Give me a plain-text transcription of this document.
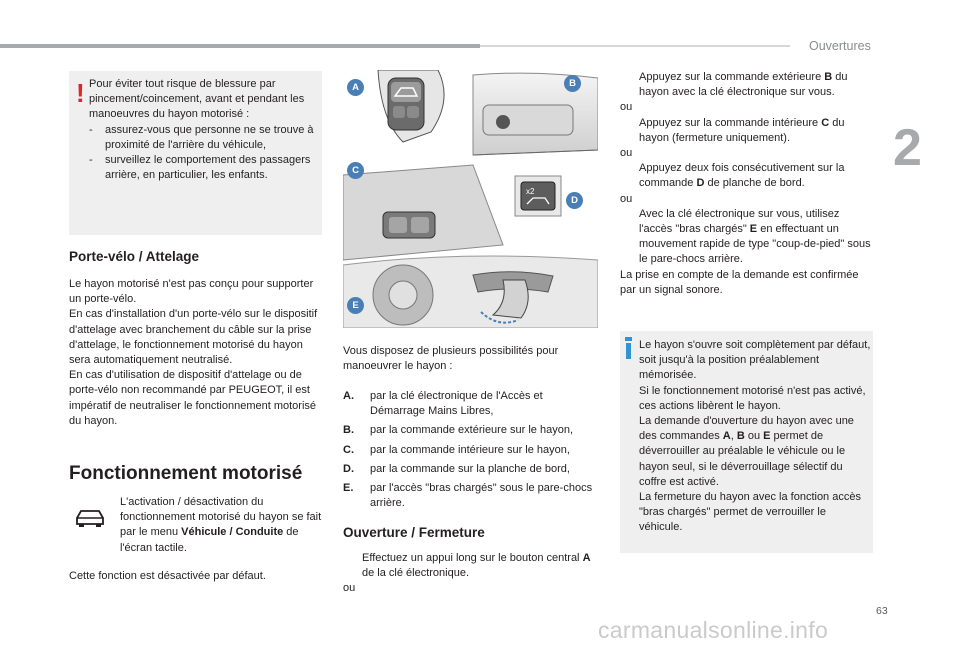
Ouvertures
2
! Pour éviter tout risque de blessure par pincement/coincement, avant et pendant les manoeuvres du hayon motorisé :
- assurez-vous que personne ne se trouve à proximité de l'arrière du véhicule,
- surveillez le comportement des passagers arrière, en particulier, les enfants.
Porte-vélo / Attelage
Le hayon motorisé n'est pas conçu pour supporter un porte-vélo.
En cas d'installation d'un porte-vélo sur le dispositif d'attelage avec branchement du câble sur la prise d'attelage, le fonctionnement motorisé du hayon sera automatiquement neutralisé.
En cas d'utilisation de dispositif d'attelage ou de porte-vélo non recommandé par PEUGEOT, il est impératif de neutraliser le fonctionnement motorisé du hayon.
Fonctionnement motorisé
L'activation / désactivation du fonctionnement motorisé du hayon se fait par le menu Véhicule / Conduite de l'écran tactile.
Cette fonction est désactivée par défaut.
x2
A	B
C
D
E
Vous disposez de plusieurs possibilités pour manoeuvrer le hayon :
A. par la clé électronique de l'Accès et Démarrage Mains Libres,
B. par la commande extérieure sur le hayon,
C. par la commande intérieure sur le hayon,
D. par la commande sur la planche de bord,
E. par l'accès "bras chargés" sous le pare-chocs arrière.
Ouverture / Fermeture
Effectuez un appui long sur le bouton central A de la clé électronique.
ou
Appuyez sur la commande extérieure B du hayon avec la clé électronique sur vous.
ou
Appuyez sur la commande intérieure C du hayon (fermeture uniquement).
ou
Appuyez deux fois consécutivement sur la commande D de planche de bord.
ou
Avec la clé électronique sur vous, utilisez l'accès "bras chargés" E en effectuant un mouvement rapide de type "coup-de-pied" sous le pare-chocs arrière.
La prise en compte de la demande est confirmée par un signal sonore.
Le hayon s'ouvre soit complètement par défaut, soit jusqu'à la position préalablement mémorisée.
Si le fonctionnement motorisé n'est pas activé, ces actions libèrent le hayon.
La demande d'ouverture du hayon avec une des commandes A, B ou E permet de déverrouiller au préalable le véhicule ou le hayon seul, si le déverrouillage sélectif du coffre est activé.
La fermeture du hayon avec la fonction accès "bras chargés" permet de verrouiller le véhicule.
63
carmanualsonline.info
